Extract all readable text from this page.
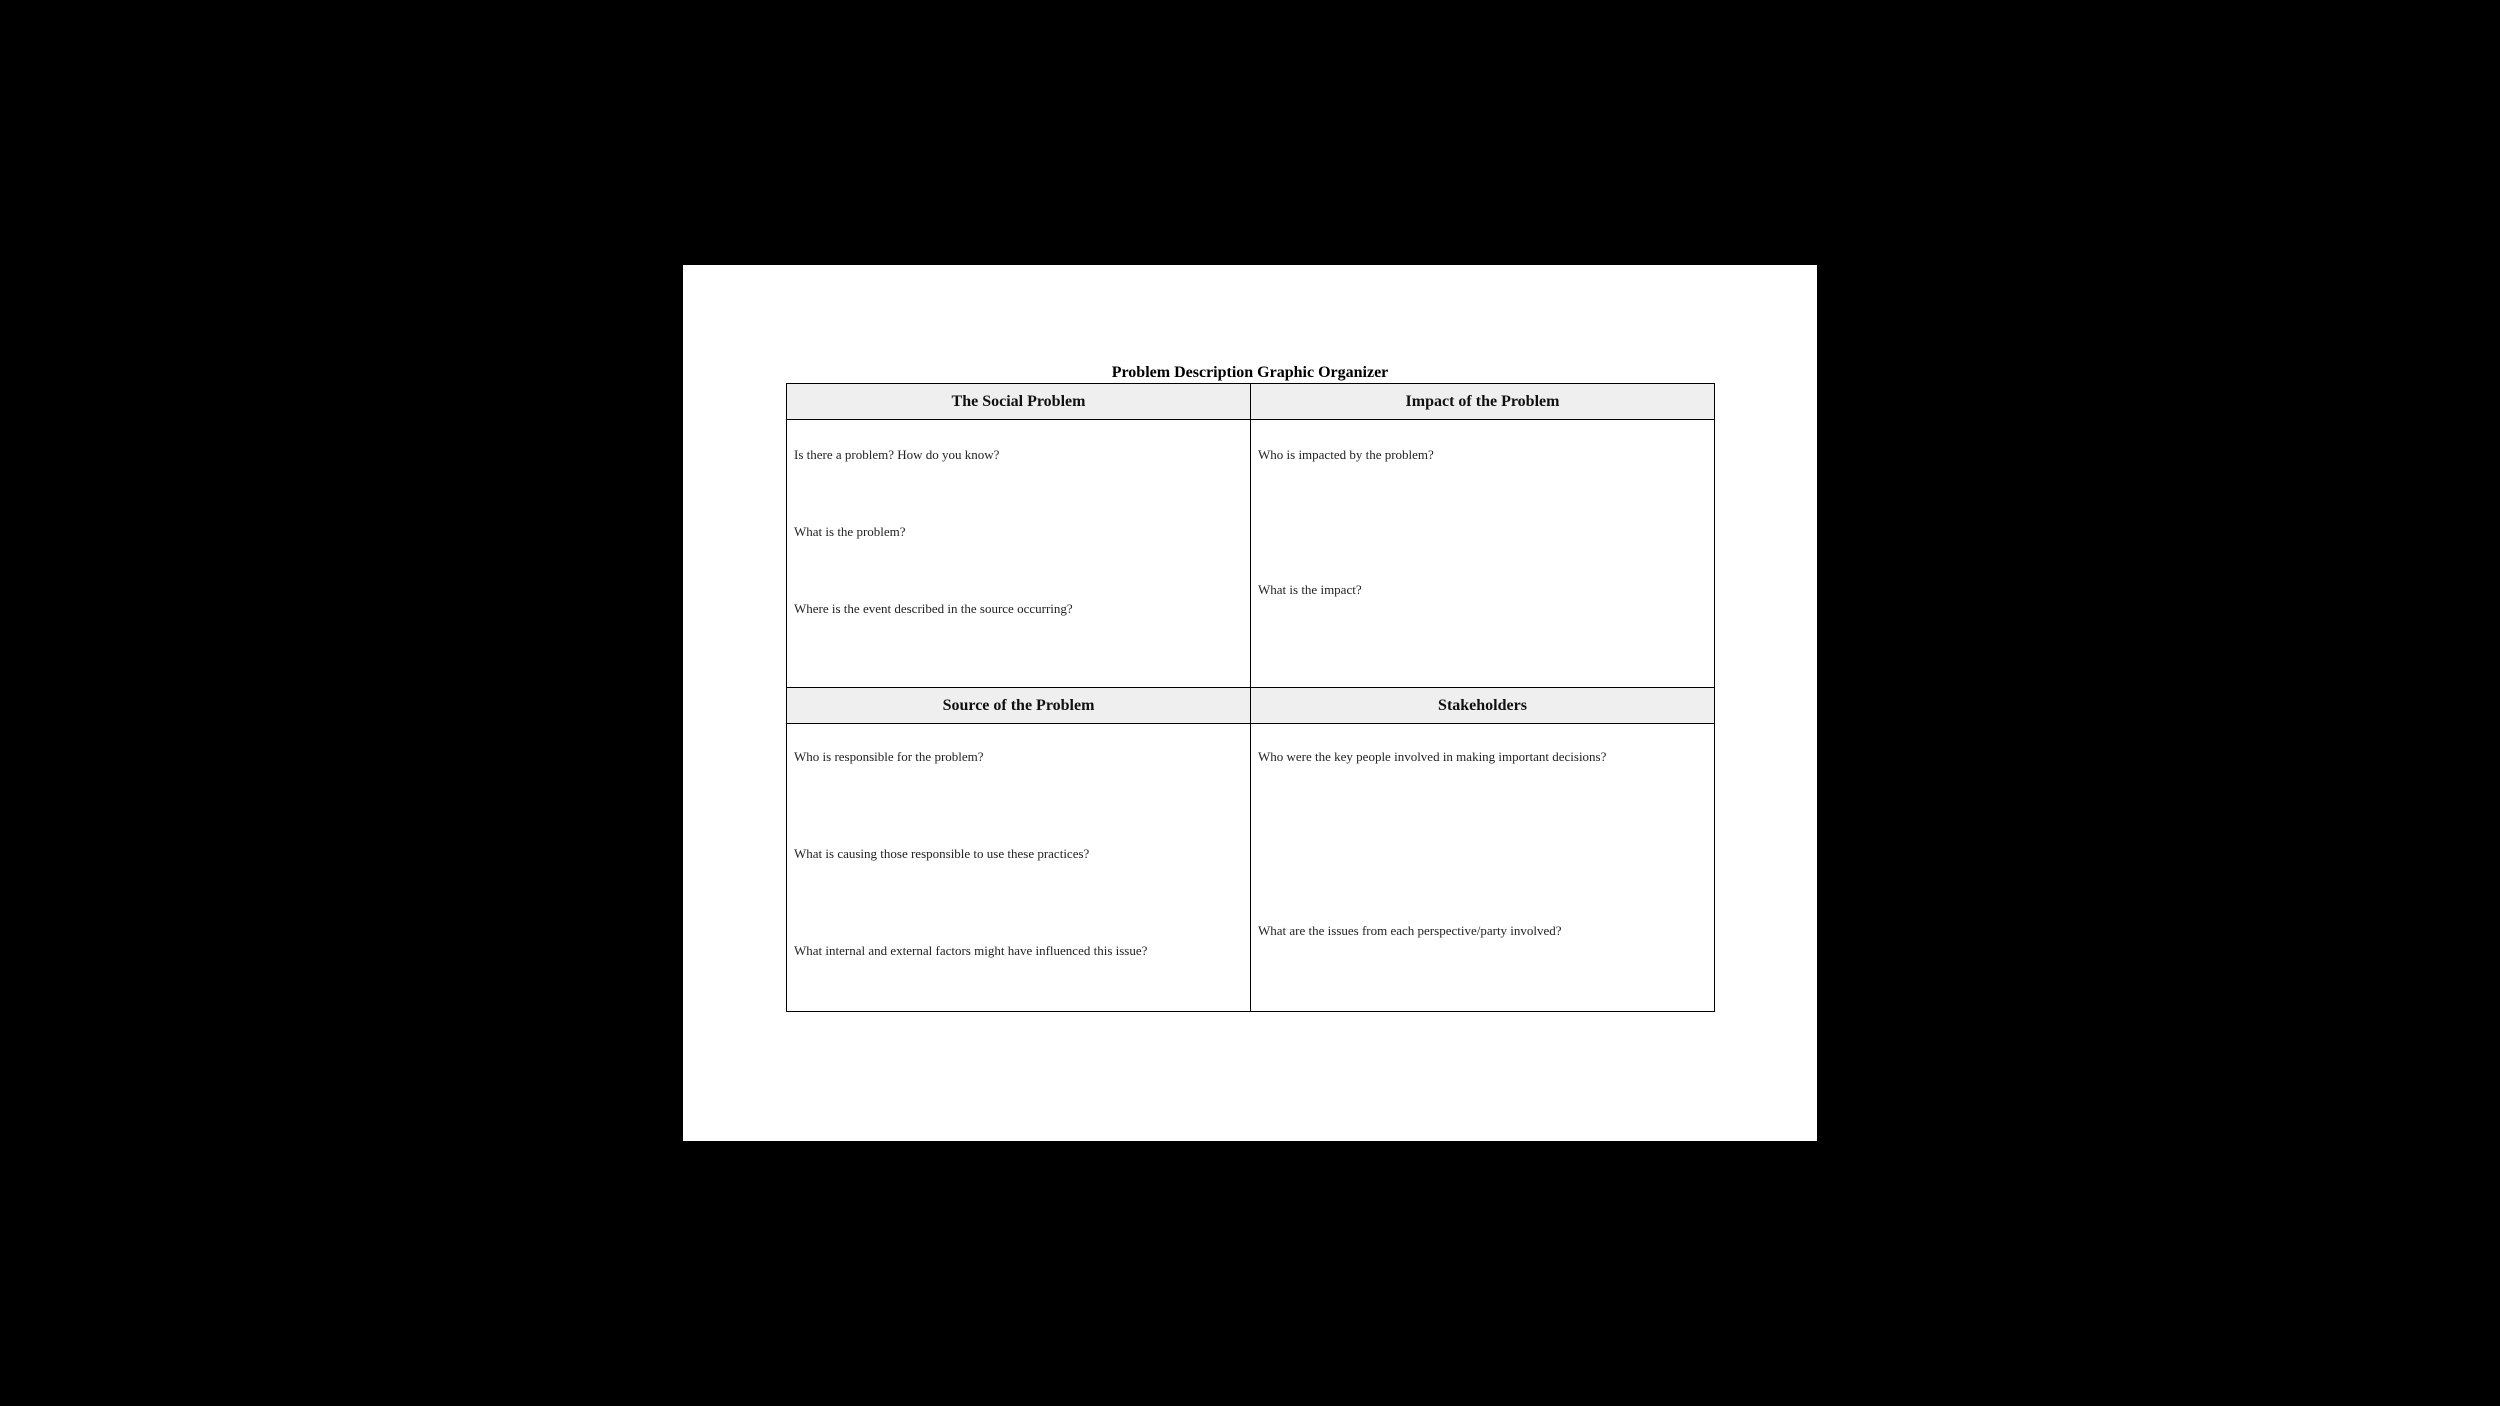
Problem Description Graphic Organizer
The Social Problem
Is there a problem? How do you know?
What is the problem?
Where is the event described in the source occurring?
Impact of the Problem
Who is impacted by the problem?
What is the impact?
Source of the Problem
Who is responsible for the problem?
What is causing those responsible to use these practices?
What internal and external factors might have influenced this issue?
Stakeholders
Who were the key people involved in making important decisions?
What are the issues from each perspective/party involved?
